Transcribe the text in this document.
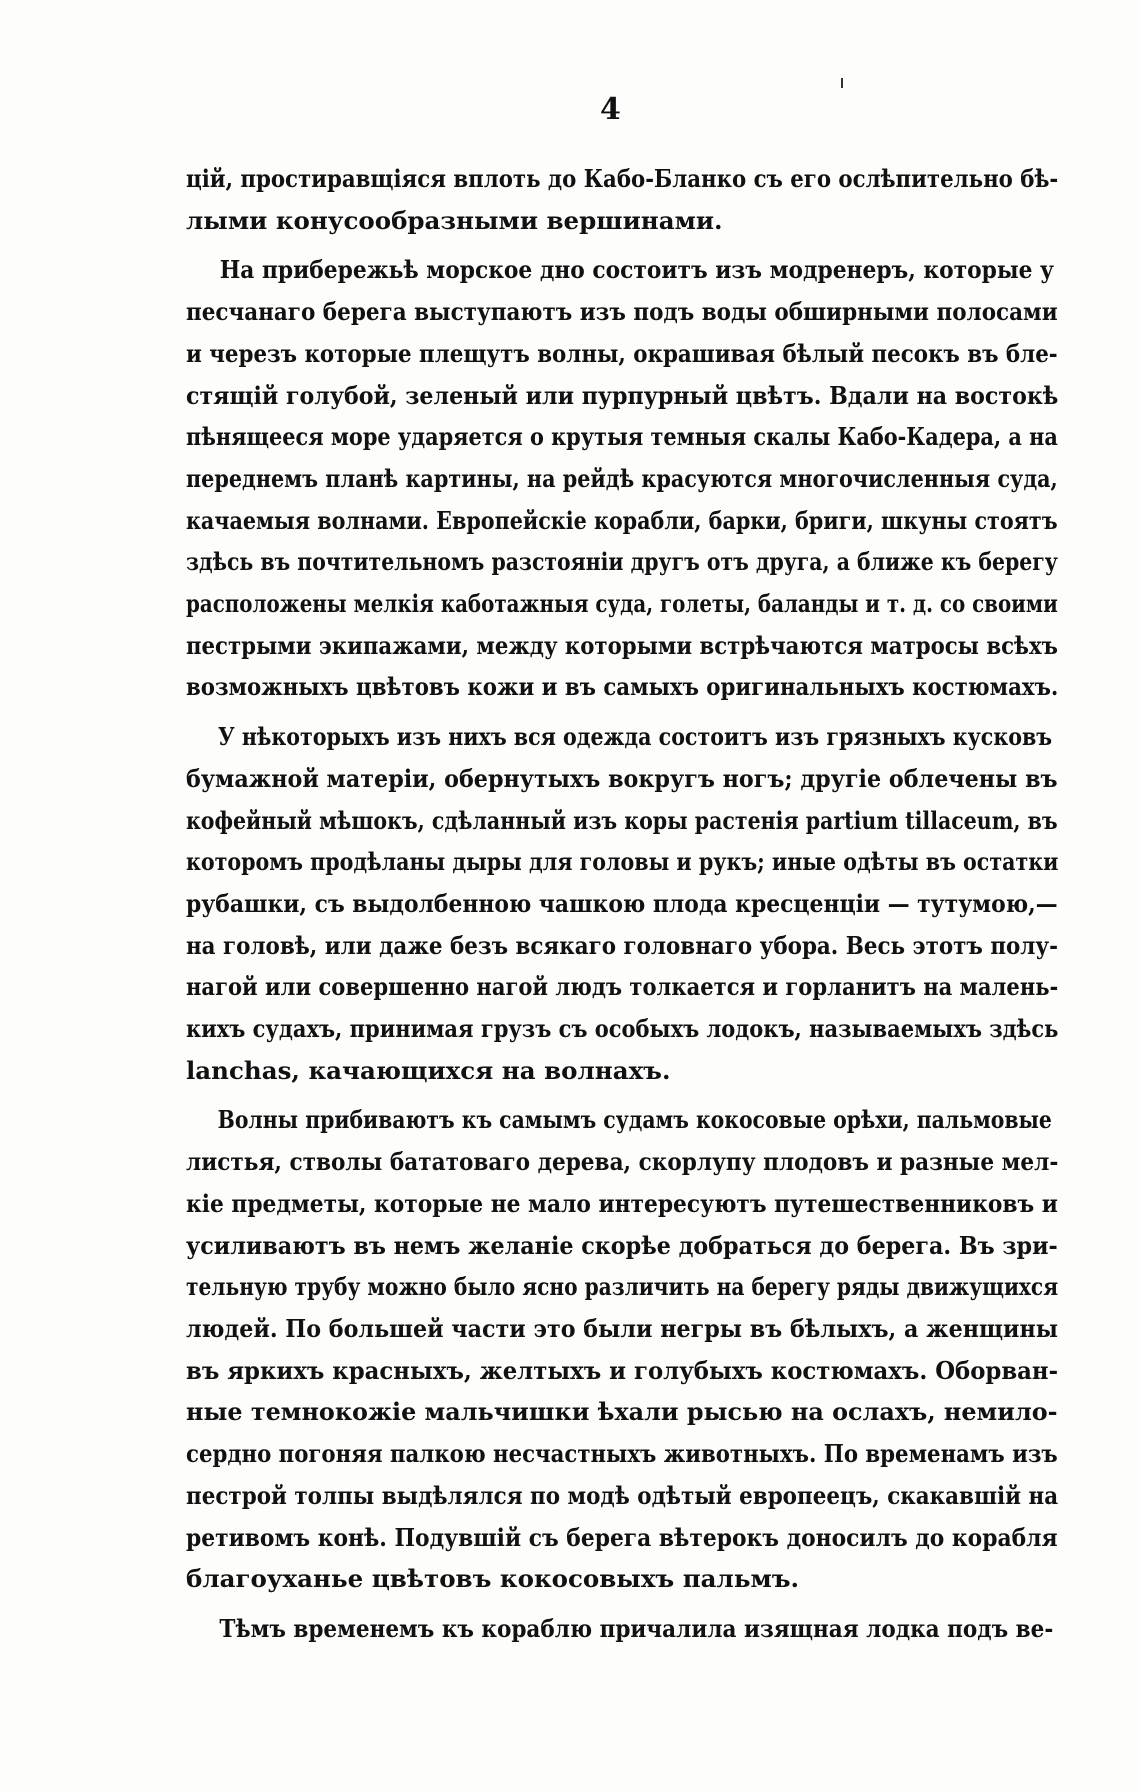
4

цій, простиравщіяся вплоть до Кабо-Бланко съ его ослѣпительно бѣ-
лыми конусообразными вершинами.

На прибережьѣ морское дно состоитъ изъ модренеръ, которые у
песчанаго берега выступаютъ изъ подъ воды обширными полосами
и черезъ которые плещутъ волны, окрашивая бѣлый песокъ въ бле-
стящій голубой, зеленый или пурпурный цвѣтъ. Вдали на востокѣ
пѣнящееся море ударяется о крутыя темныя скалы Кабо-Кадера, а на
переднемъ планѣ картины, на рейдѣ красуются многочисленныя суда,
качаемыя волнами. Европейскіе корабли, барки, бриги, шкуны стоятъ
здѣсь въ почтительномъ разстояніи другъ отъ друга, а ближе къ берегу
расположены мелкія каботажныя суда, голеты, баланды и т. д. со своими
пестрыми экипажами, между которыми встрѣчаются матросы всѣхъ
возможныхъ цвѣтовъ кожи и въ самыхъ оригинальныхъ костюмахъ.

У нѣкоторыхъ изъ нихъ вся одежда состоитъ изъ грязныхъ кусковъ
бумажной матеріи, обернутыхъ вокругъ ногъ; другіе облечены въ
кофейный мѣшокъ, сдѣланный изъ коры растенія partium tillaceum, въ
которомъ продѣланы дыры для головы и рукъ; иные одѣты въ остатки
рубашки, съ выдолбенною чашкою плода кресценціи — тутумою,—
на головѣ, или даже безъ всякаго головнаго убора. Весь этотъ полу-
нагой или совершенно нагой людъ толкается и горланитъ на малень-
кихъ судахъ, принимая грузъ съ особыхъ лодокъ, называемыхъ здѣсь
lanchas, качающихся на волнахъ.

Волны прибиваютъ къ самымъ судамъ кокосовые орѣхи, пальмовые
листья, стволы бататоваго дерева, скорлупу плодовъ и разные мел-
кіе предметы, которые не мало интересуютъ путешественниковъ и
усиливаютъ въ немъ желаніе скорѣе добраться до берега. Въ зри-
тельную трубу можно было ясно различить на берегу ряды движущихся
людей. По большей части это были негры въ бѣлыхъ, а женщины
въ яркихъ красныхъ, желтыхъ и голубыхъ костюмахъ. Оборван-
ные темнокожіе мальчишки ѣхали рысью на ослахъ, немило-
сердно погоняя палкою несчастныхъ животныхъ. По временамъ изъ
пестрой толпы выдѣлялся по модѣ одѣтый европеецъ, скакавшій на
ретивомъ конѣ. Подувшій съ берега вѣтерокъ доносилъ до корабля
благоуханье цвѣтовъ кокосовыхъ пальмъ.

Тѣмъ временемъ къ кораблю причалила изящная лодка подъ ве-
